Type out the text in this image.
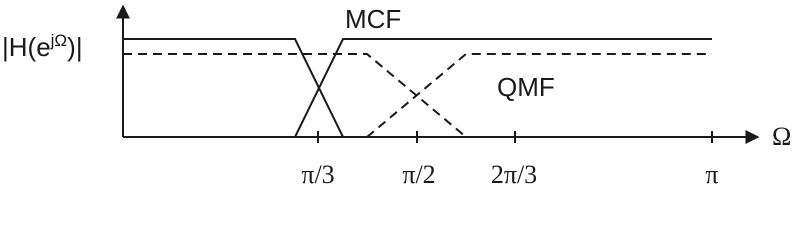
$|H(e^{j\Omega})|$
MCF
QMF
Ω
π/3	π/2 2π/3	π
